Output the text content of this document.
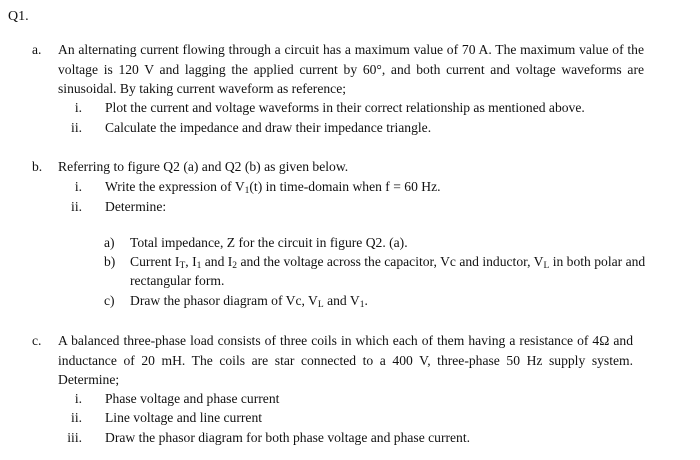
Q1.
a. An alternating current flowing through a circuit has a maximum value of 70 A. The maximum value of the voltage is 120 V and lagging the applied current by 60°, and both current and voltage waveforms are sinusoidal. By taking current waveform as reference;
i. Plot the current and voltage waveforms in their correct relationship as mentioned above.
ii. Calculate the impedance and draw their impedance triangle.
b. Referring to figure Q2 (a) and Q2 (b) as given below.
i. Write the expression of $V_1(t)$ in time-domain when f = 60 Hz.
ii. Determine:
a) Total impedance, Z for the circuit in figure Q2. (a).
b) Current $I_T$, $I_1$ and $I_2$ and the voltage across the capacitor, Vc and inductor, $V_L$ in both polar and rectangular form.
c) Draw the phasor diagram of Vc, $V_L$ and $V_1$.
c. A balanced three-phase load consists of three coils in which each of them having a resistance of 4Ω and inductance of 20 mH. The coils are star connected to a 400 V, three-phase 50 Hz supply system. Determine;
i. Phase voltage and phase current
ii. Line voltage and line current
iii. Draw the phasor diagram for both phase voltage and phase current.
